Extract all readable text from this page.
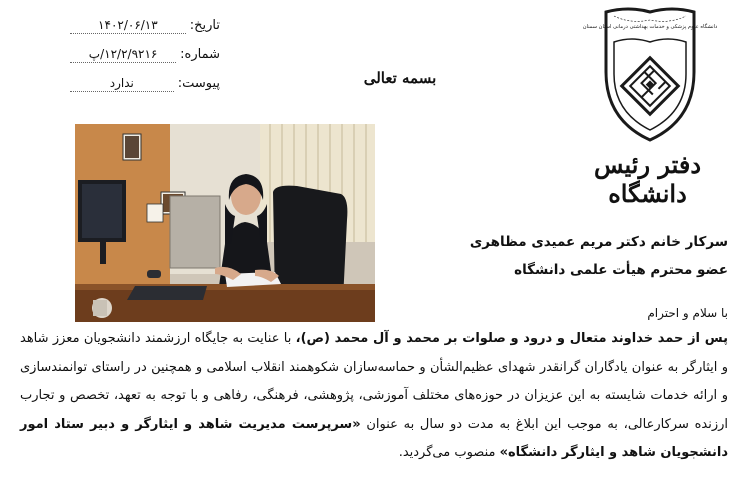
تاریخ:
۱۴۰۲/۰۶/۱۳
شماره:
۱۲/۲/۹۲۱۶/پ
پیوست:
ندارد	بسمه تعالی
دانشگاه علوم پزشکی و خدمات بهداشتی درمانی استان سمنان
دفتر رئیس دانشگاه
سرکار خانم دکتر مریم عمیدی مظاهری
عضو محترم هیأت علمی دانشگاه
با سلام و احترام
پس از حمد خداوند متعال و درود و صلوات بر محمد و آل محمد (ص)، با عنایت به جایگاه ارزشمند دانشجویان معزز شاهد و ایثارگر به عنوان یادگاران گرانقدر شهدای عظیم‌الشأن و حماسه‌سازان شکوهمند انقلاب اسلامی و همچنین در راستای توانمندسازی و ارائه خدمات شایسته به این عزیزان در حوزه‌های مختلف آموزشی، پژوهشی، فرهنگی، رفاهی و با توجه به تعهد، تخصص و تجارب ارزنده سرکارعالی، به موجب این ابلاغ به مدت دو سال به عنوان «سرپرست مدیریت شاهد و ایثارگر و دبیر ستاد امور دانشجویان شاهد و ایثارگر دانشگاه» منصوب می‌گردید.
